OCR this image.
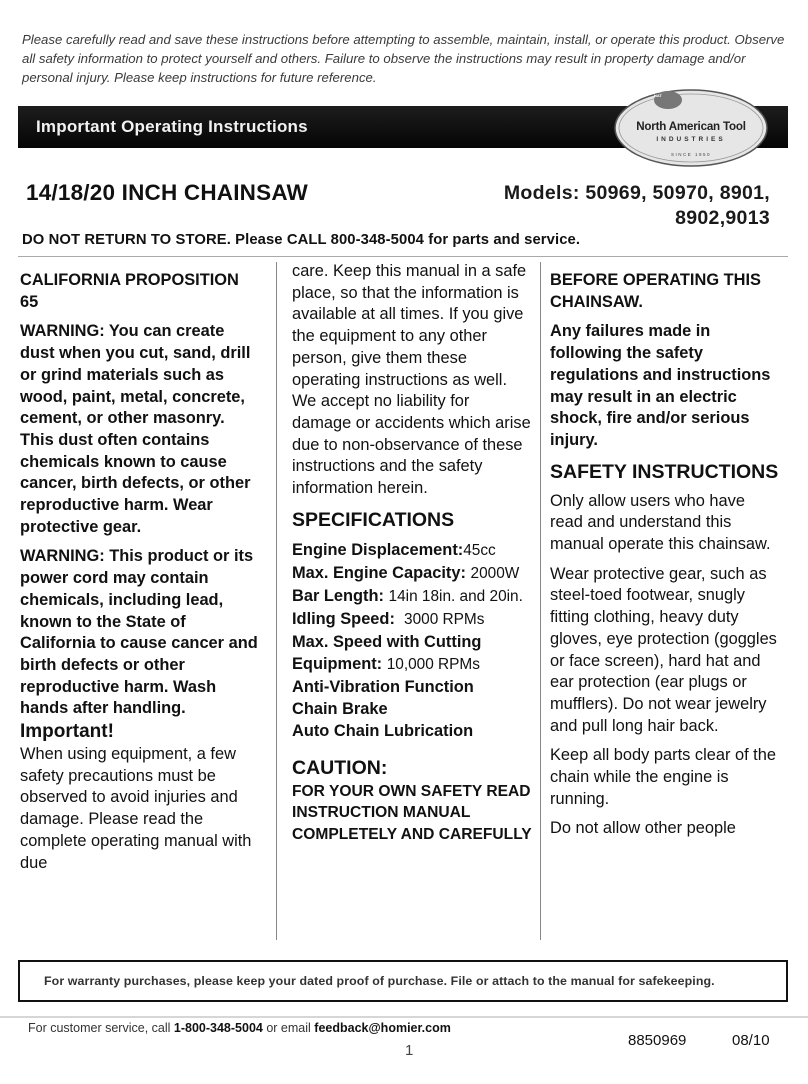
Please carefully read and save these instructions before attempting to assemble, maintain, install, or operate this product. Observe all safety information to protect yourself and others. Failure to observe the instructions may result in property damage and/or personal injury. Please keep instructions for future reference.
Important Operating Instructions
NAT
North American Tool
INDUSTRIES
SINCE 1950
14/18/20 INCH CHAINSAW	Models: 50969, 50970, 8901,
8902,9013
DO NOT RETURN TO STORE. Please CALL 800-348-5004 for parts and service.

CALIFORNIA PROPOSITION 65

WARNING: You can create dust when you cut, sand, drill or grind materials such as wood, paint, metal, concrete, cement, or other masonry. This dust often contains chemicals known to cause cancer, birth defects, or other reproductive harm. Wear protective gear.

WARNING: This product or its power cord may contain chemicals, including lead, known to the State of California to cause cancer and birth defects or other reproductive harm. Wash hands after handling.

Important!

When using equipment, a few safety precautions must be observed to avoid injuries and damage. Please read the complete operating manual with due

care. Keep this manual in a safe place, so that the information is available at all times. If you give the equipment to any other person, give them these operating instructions as well. We accept no liability for damage or accidents which arise due to non-observance of these instructions and the safety information herein.

SPECIFICATIONS
Engine Displacement:45cc
Max. Engine Capacity: 2000W
Bar Length: 14in 18in. and 20in.
Idling Speed: 3000 RPMs
Max. Speed with Cutting Equipment: 10,000 RPMs
Anti-Vibration Function
Chain Brake
Auto Chain Lubrication
CAUTION:
FOR YOUR OWN SAFETY READ INSTRUCTION MANUAL COMPLETELY AND CAREFULLY

BEFORE OPERATING THIS CHAINSAW.

Any failures made in following the safety regulations and instructions may result in an electric shock, fire and/or serious injury.

SAFETY INSTRUCTIONS

Only allow users who have read and understand this manual operate this chainsaw.

Wear protective gear, such as steel-toed footwear, snugly fitting clothing, heavy duty gloves, eye protection (goggles or face screen), hard hat and ear protection (ear plugs or mufflers). Do not wear jewelry and pull long hair back.

Keep all body parts clear of the chain while the engine is running.

Do not allow other people

For warranty purchases, please keep your dated proof of purchase. File or attach to the manual for safekeeping.
For customer service, call 1-800-348-5004 or email feedback@homier.com
1
8850969	08/10
